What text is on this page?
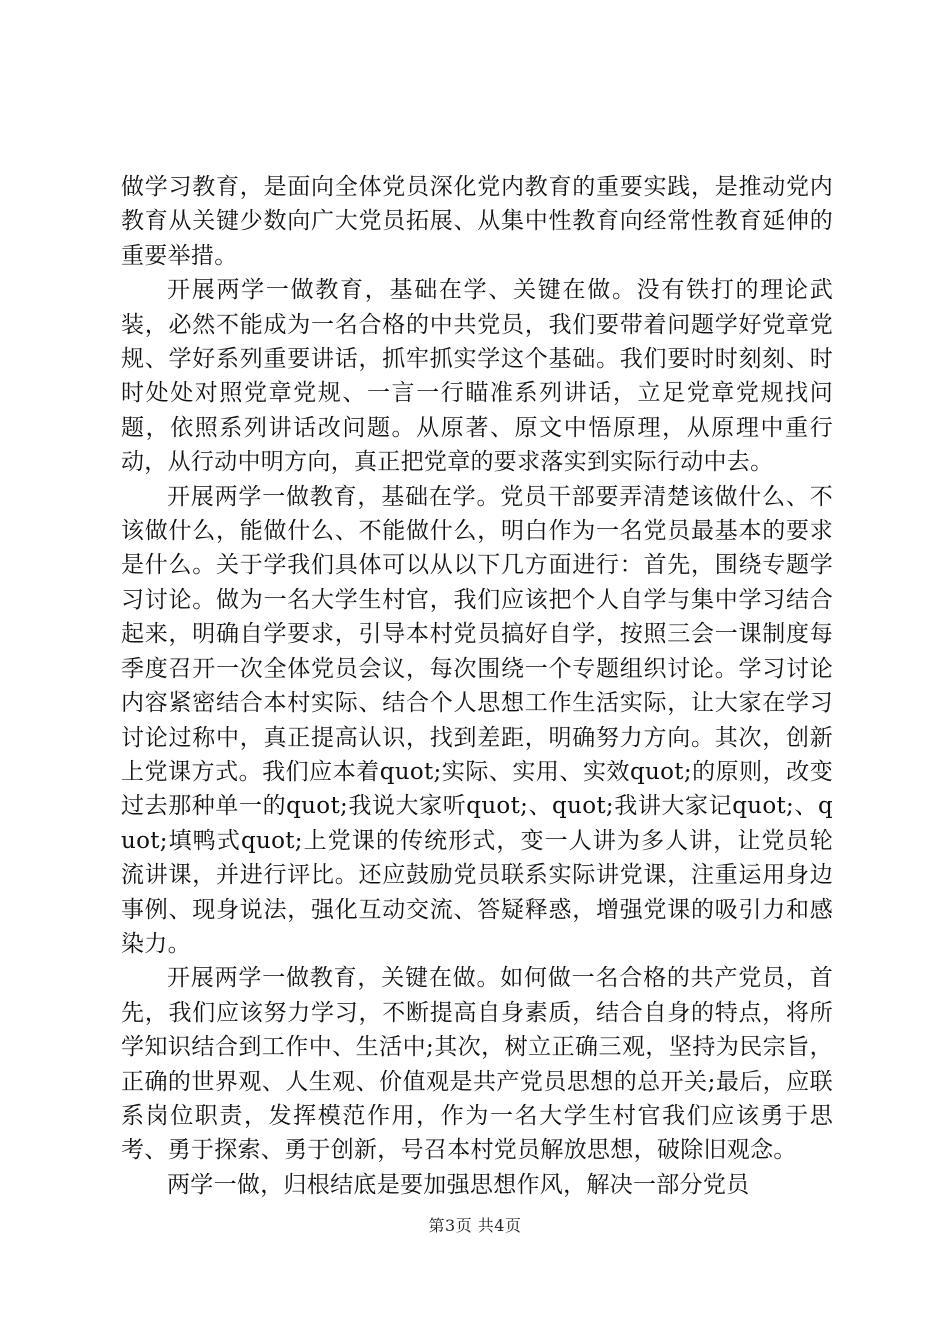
做学习教育，是面向全体党员深化党内教育的重要实践，是推动党内教育从关键少数向广大党员拓展、从集中性教育向经常性教育延伸的重要举措。

开展两学一做教育，基础在学、关键在做。没有铁打的理论武装，必然不能成为一名合格的中共党员，我们要带着问题学好党章党规、学好系列重要讲话，抓牢抓实学这个基础。我们要时时刻刻、时时处处对照党章党规、一言一行瞄准系列讲话，立足党章党规找问题，依照系列讲话改问题。从原著、原文中悟原理，从原理中重行动，从行动中明方向，真正把党章的要求落实到实际行动中去。

开展两学一做教育，基础在学。党员干部要弄清楚该做什么、不该做什么，能做什么、不能做什么，明白作为一名党员最基本的要求是什么。关于学我们具体可以从以下几方面进行：首先，围绕专题学习讨论。做为一名大学生村官，我们应该把个人自学与集中学习结合起来，明确自学要求，引导本村党员搞好自学，按照三会一课制度每季度召开一次全体党员会议，每次围绕一个专题组织讨论。学习讨论内容紧密结合本村实际、结合个人思想工作生活实际，让大家在学习讨论过称中，真正提高认识，找到差距，明确努力方向。其次，创新上党课方式。我们应本着quot;实际、实用、实效quot;的原则，改变过去那种单一的quot;我说大家听quot;、quot;我讲大家记quot;、quot;填鸭式quot;上党课的传统形式，变一人讲为多人讲，让党员轮流讲课，并进行评比。还应鼓励党员联系实际讲党课，注重运用身边事例、现身说法，强化互动交流、答疑释惑，增强党课的吸引力和感染力。

开展两学一做教育，关键在做。如何做一名合格的共产党员，首先，我们应该努力学习，不断提高自身素质，结合自身的特点，将所学知识结合到工作中、生活中;其次，树立正确三观，坚持为民宗旨，正确的世界观、人生观、价值观是共产党员思想的总开关;最后，应联系岗位职责，发挥模范作用，作为一名大学生村官我们应该勇于思考、勇于探索、勇于创新，号召本村党员解放思想，破除旧观念。

两学一做，归根结底是要加强思想作风，解决一部分党员

第3页 共4页
